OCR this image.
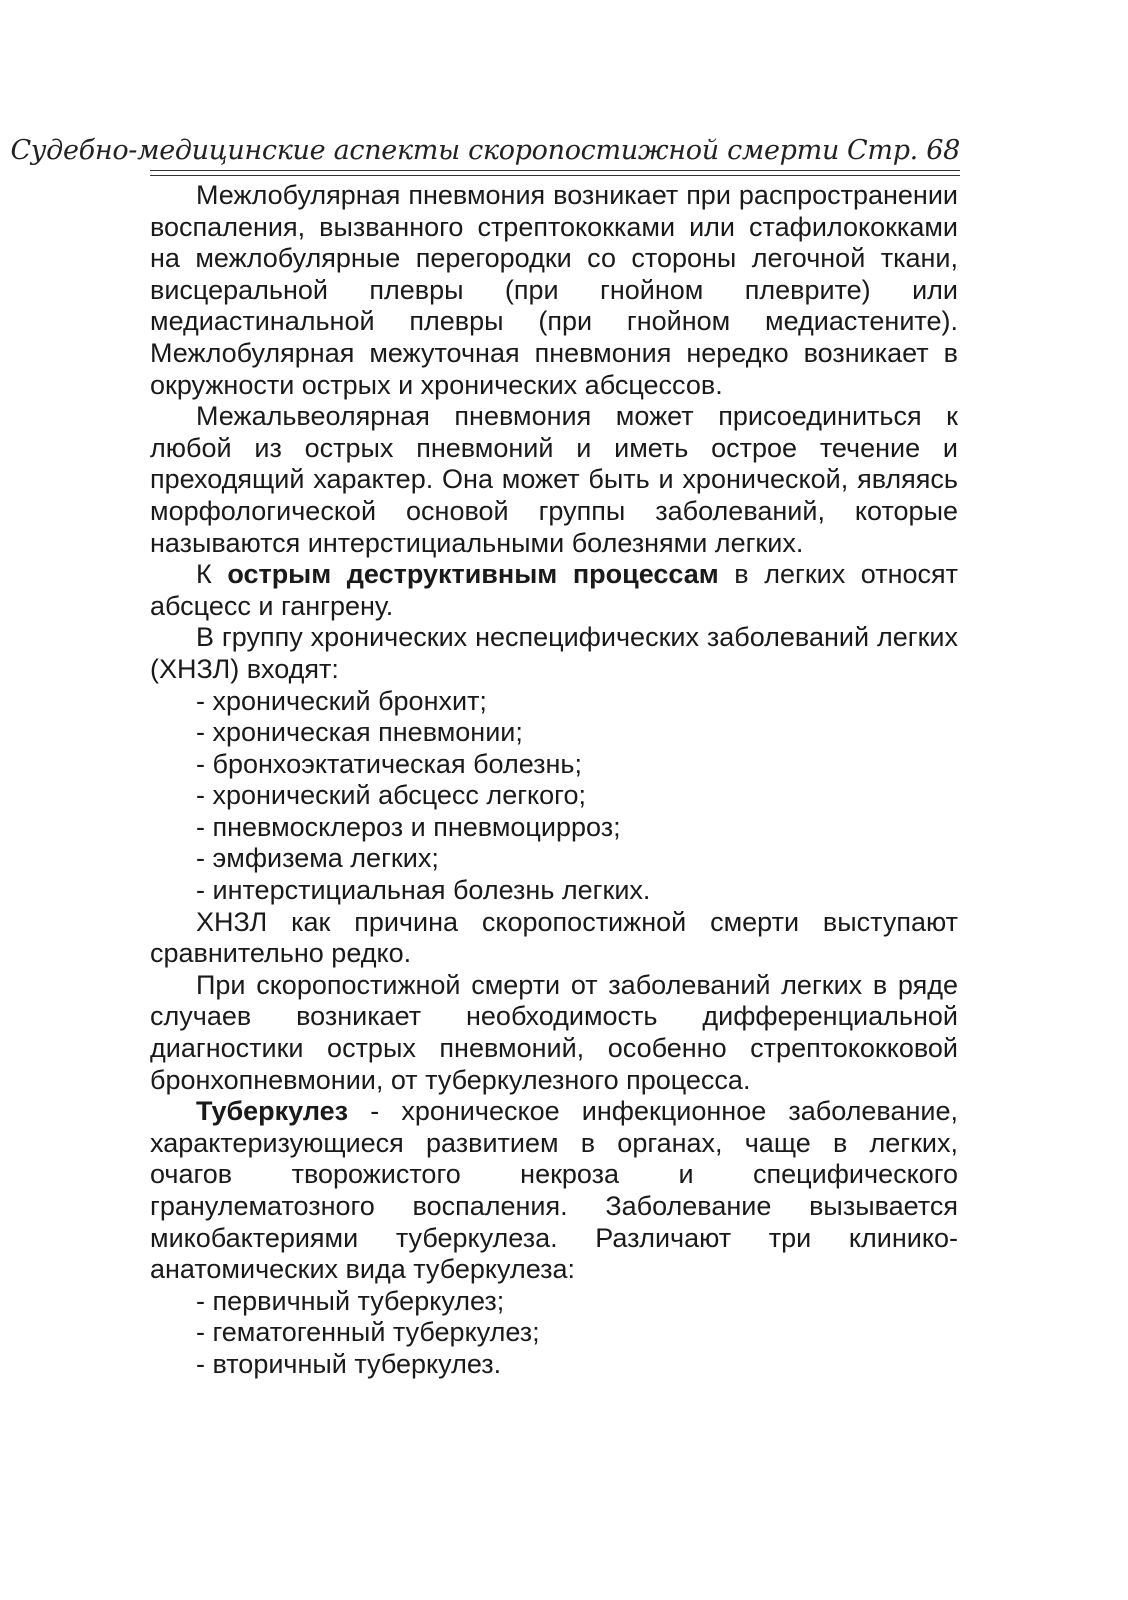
Судебно-медицинские аспекты скоропостижной смерти Стр. 68

Межлобулярная пневмония возникает при распространении воспаления, вызванного стрептококками или стафилококками на межлобулярные перегородки со стороны легочной ткани, висцеральной плевры (при гнойном плеврите) или медиастинальной плевры (при гнойном медиастените). Межлобулярная межуточная пневмония нередко возникает в окружности острых и хронических абсцессов.

Межальвеолярная пневмония может присоединиться к любой из острых пневмоний и иметь острое течение и преходящий характер. Она может быть и хронической, являясь морфологической основой группы заболеваний, которые называются интерстициальными болезнями легких.

К острым деструктивным процессам в легких относят абсцесс и гангрену.

В группу хронических неспецифических заболеваний легких (ХНЗЛ) входят:

- хронический бронхит;
- хроническая пневмонии;
- бронхоэктатическая болезнь;
- хронический абсцесс легкого;
- пневмосклероз и пневмоцирроз;
- эмфизема легких;
- интерстициальная болезнь легких.

ХНЗЛ как причина скоропостижной смерти выступают сравнительно редко.

При скоропостижной смерти от заболеваний легких в ряде случаев возникает необходимость дифференциальной диагностики острых пневмоний, особенно стрептококковой бронхопневмонии, от туберкулезного процесса.

Туберкулез - хроническое инфекционное заболевание, характеризующиеся развитием в органах, чаще в легких, очагов творожистого некроза и специфического гранулематозного воспаления. Заболевание вызывается микобактериями туберкулеза. Различают три клинико-анатомических вида туберкулеза:

- первичный туберкулез;
- гематогенный туберкулез;
- вторичный туберкулез.
